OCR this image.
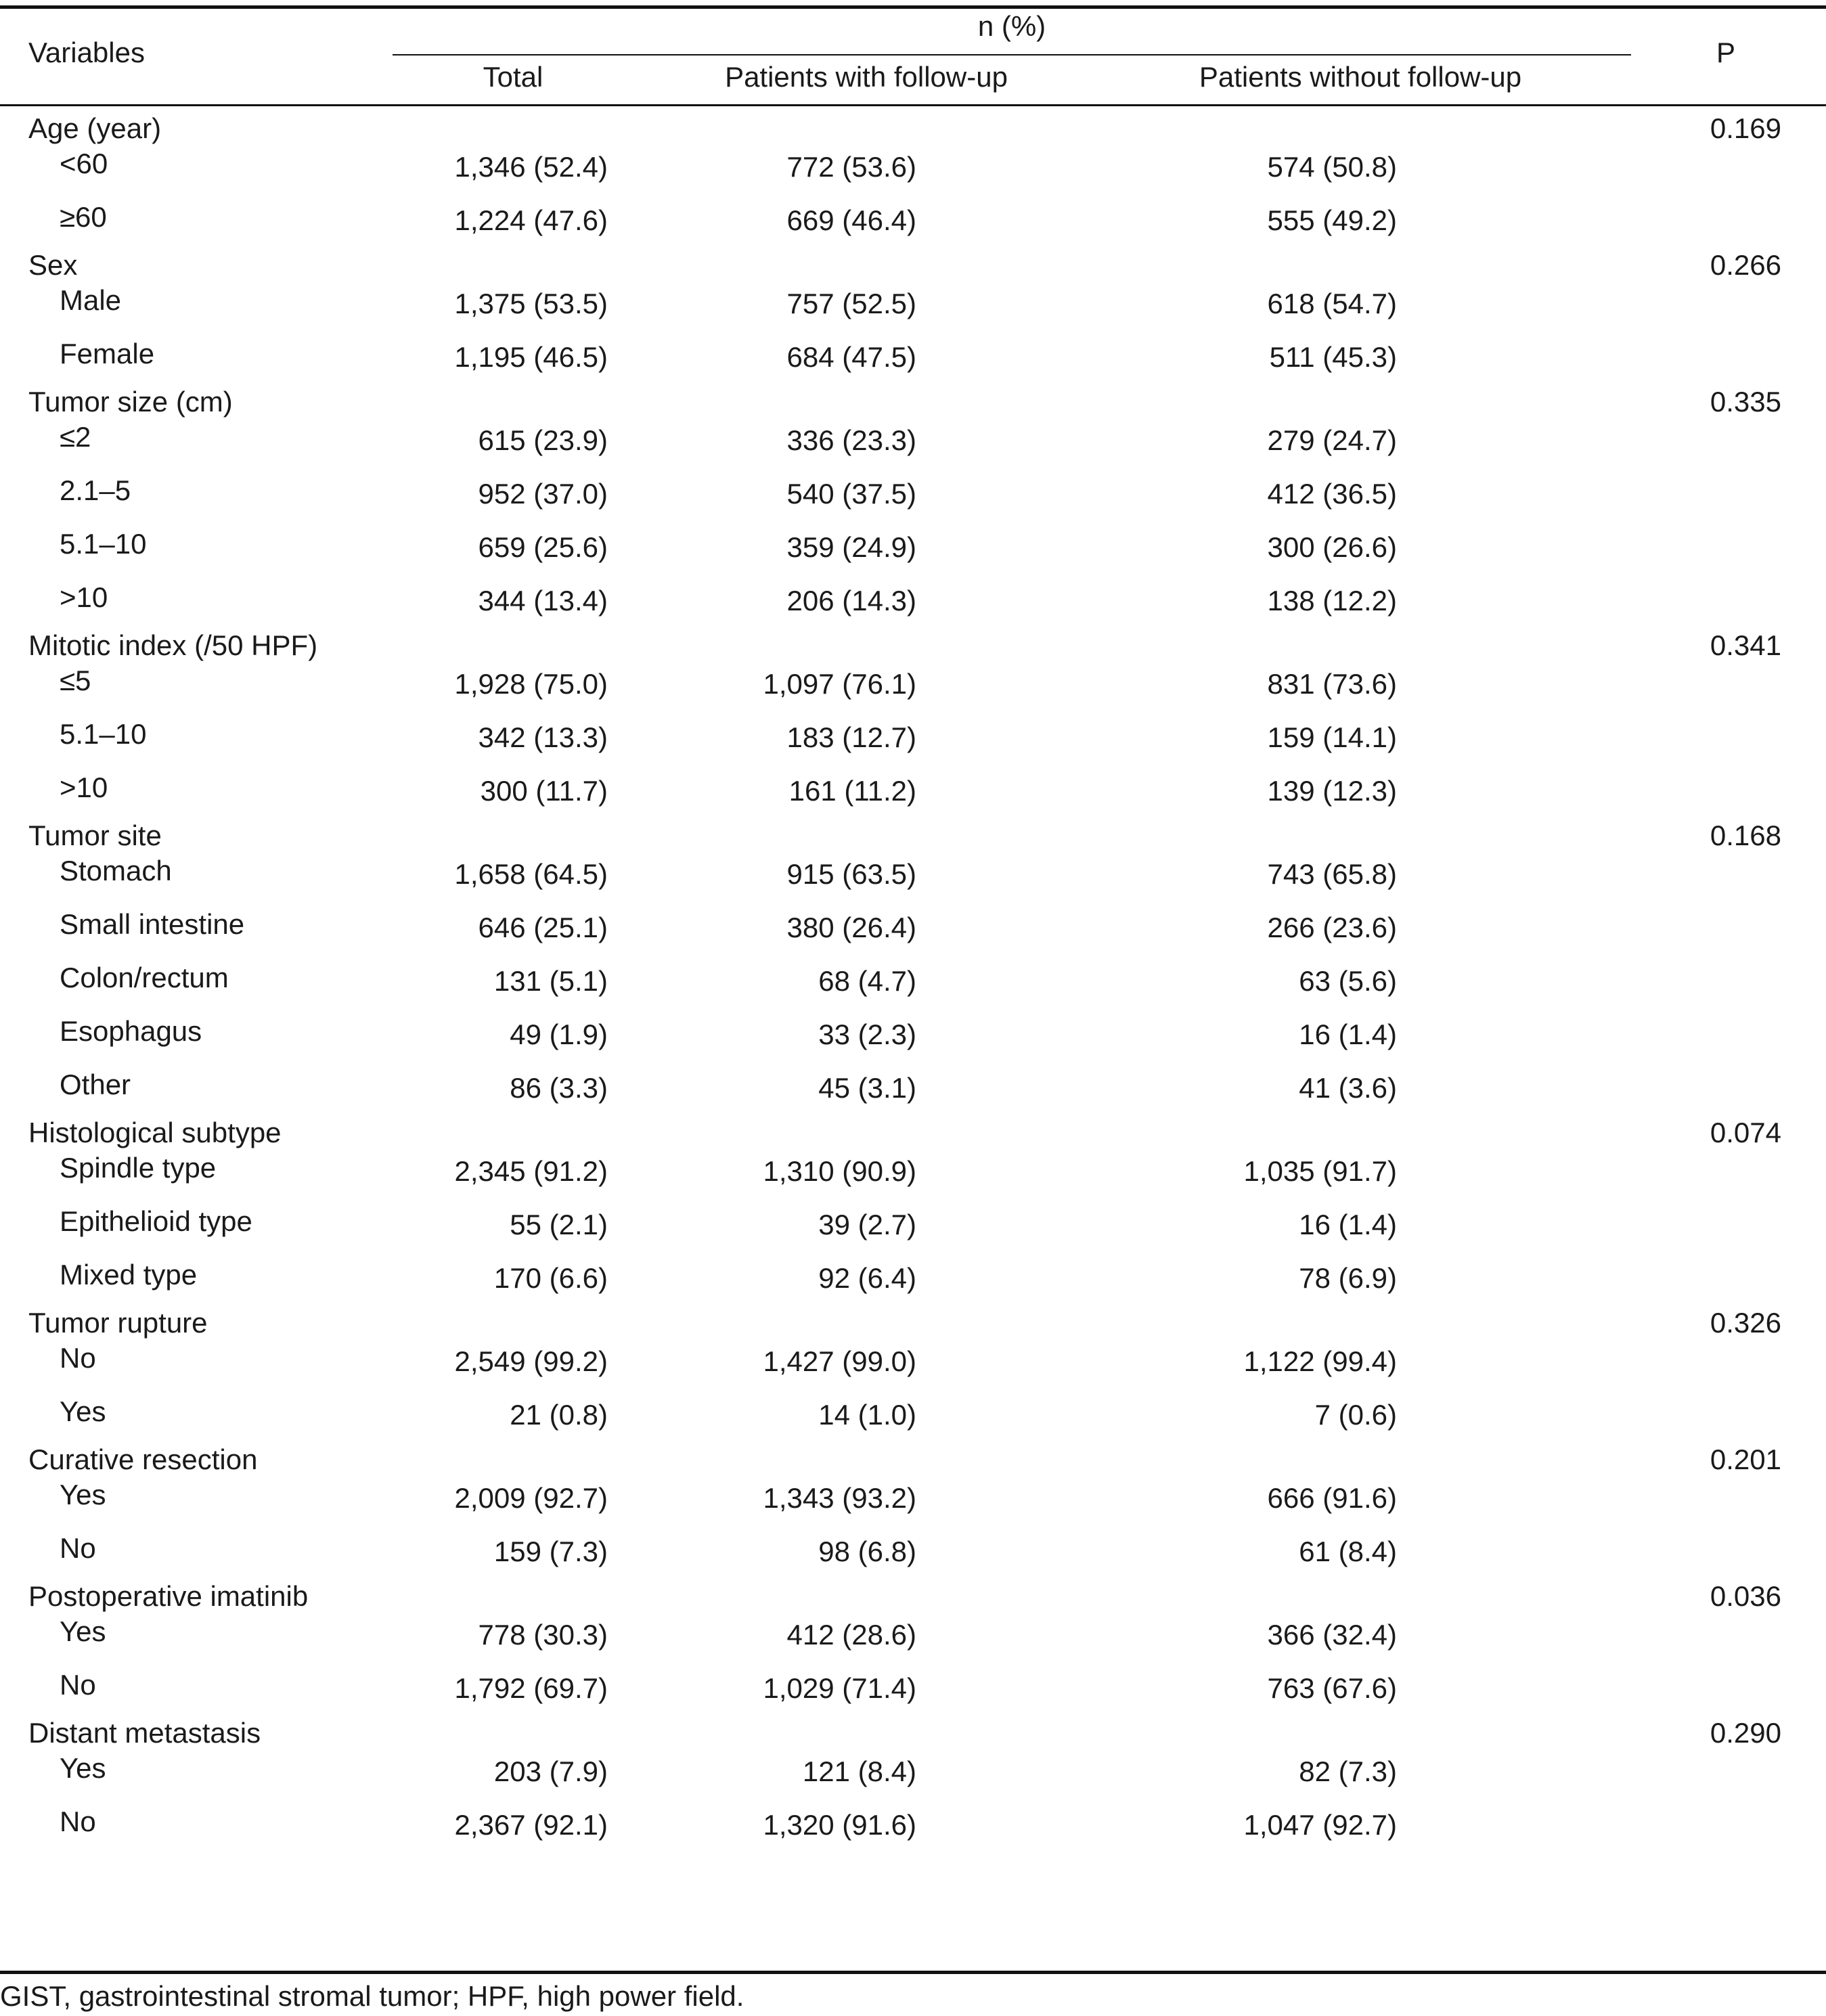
Variables
n (%)
P
Total	Patients with follow-up	Patients without follow-up
Age (year)	0.169
<60	1,346 (52.4)	772 (53.6)	574 (50.8)
≥60	1,224 (47.6)	669 (46.4)	555 (49.2)
Sex	0.266
Male	1,375 (53.5)	757 (52.5)	618 (54.7)
Female	1,195 (46.5)	684 (47.5)	511 (45.3)
Tumor size (cm)	0.335
≤2	615 (23.9)	336 (23.3)	279 (24.7)
2.1–5	952 (37.0)	540 (37.5)	412 (36.5)
5.1–10	659 (25.6)	359 (24.9)	300 (26.6)
>10	344 (13.4)	206 (14.3)	138 (12.2)
Mitotic index (/50 HPF)	0.341
≤5	1,928 (75.0)	1,097 (76.1)	831 (73.6)
5.1–10	342 (13.3)	183 (12.7)	159 (14.1)
>10	300 (11.7)	161 (11.2)	139 (12.3)
Tumor site	0.168
Stomach	1,658 (64.5)	915 (63.5)	743 (65.8)
Small intestine	646 (25.1)	380 (26.4)	266 (23.6)
Colon/rectum	131 (5.1)	68 (4.7)	63 (5.6)
Esophagus	49 (1.9)	33 (2.3)	16 (1.4)
Other	86 (3.3)	45 (3.1)	41 (3.6)
Histological subtype	0.074
Spindle type	2,345 (91.2)	1,310 (90.9)	1,035 (91.7)
Epithelioid type	55 (2.1)	39 (2.7)	16 (1.4)
Mixed type	170 (6.6)	92 (6.4)	78 (6.9)
Tumor rupture	0.326
No	2,549 (99.2)	1,427 (99.0)	1,122 (99.4)
Yes	21 (0.8)	14 (1.0)	7 (0.6)
Curative resection	0.201
Yes	2,009 (92.7)	1,343 (93.2)	666 (91.6)
No	159 (7.3)	98 (6.8)	61 (8.4)
Postoperative imatinib	0.036
Yes	778 (30.3)	412 (28.6)	366 (32.4)
No	1,792 (69.7)	1,029 (71.4)	763 (67.6)
Distant metastasis	0.290
Yes	203 (7.9)	121 (8.4)	82 (7.3)
No	2,367 (92.1)	1,320 (91.6)	1,047 (92.7)
GIST, gastrointestinal stromal tumor; HPF, high power field.
